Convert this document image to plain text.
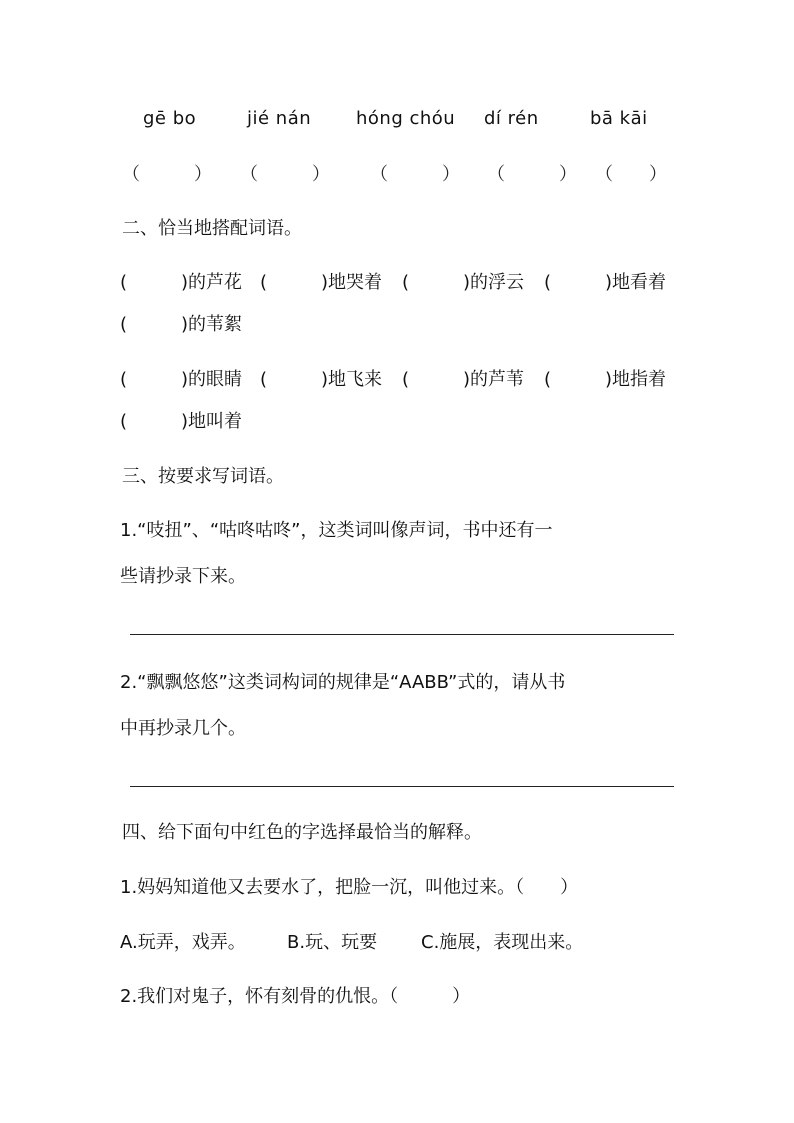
gē bo	jié nán hóng chóu dí rén	bā kāi
（　　　） （　　　） （　　　） （　　　） （　　）
二、恰当地搭配词语。
(　　　)的芦花 (　　　)地哭着 (　　　)的浮云 (　　　)地看着
(　　　)的苇絮
(　　　)的眼睛 (　　　)地飞来 (　　　)的芦苇 (　　　)地指着
(　　　)地叫着
三、按要求写词语。
1.“吱扭”、“咕咚咕咚”，这类词叫像声词，书中还有一
些请抄录下来。
2.“飘飘悠悠”这类词构词的规律是“AABB”式的，请从书
中再抄录几个。
四、给下面句中红色的字选择最恰当的解释。
1.妈妈知道他又去要水了，把脸一沉，叫他过来。（　　）
A.玩弄，戏弄。 B.玩、玩要 C.施展，表现出来。
2.我们对鬼子，怀有刻骨的仇恨。（　　　）
